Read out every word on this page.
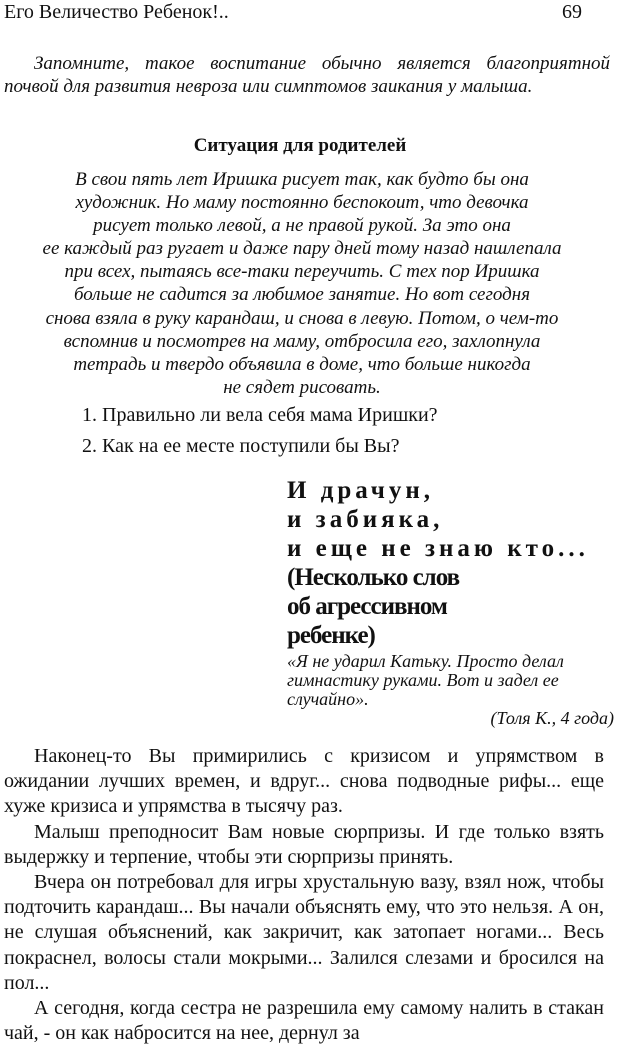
Его Величество Ребенок!..	69
Запомните, такое воспитание обычно является благоприятной почвой для развития невроза или симптомов заикания у малыша.
Ситуация для родителей
В свои пять лет Иришка рисует так, как будто бы она
художник. Но маму постоянно беспокоит, что девочка
рисует только левой, а не правой рукой. За это она
ее каждый раз ругает и даже пару дней тому назад нашлепала
при всех, пытаясь все-таки переучить. С тех пор Иришка
больше не садится за любимое занятие. Но вот сегодня
снова взяла в руку карандаш, и снова в левую. Потом, о чем-то
вспомнив и посмотрев на маму, отбросила его, захлопнула
тетрадь и твердо объявила в доме, что больше никогда
не сядет рисовать.
1. Правильно ли вела себя мама Иришки?
2. Как на ее месте поступили бы Вы?
И драчун,
и забияка,
и еще не знаю кто...
(Несколько слов
об агрессивном
ребенке)
«Я не ударил Катьку. Просто делал гимнастику руками. Вот и задел ее случайно».
(Толя К., 4 года)

Наконец-то Вы примирились с кризисом и упрямством в ожидании лучших времен, и вдруг... снова подводные рифы... еще хуже кризиса и упрямства в тысячу раз.

Малыш преподносит Вам новые сюрпризы. И где только взять выдержку и терпение, чтобы эти сюрпризы принять.

Вчера он потребовал для игры хрустальную вазу, взял нож, чтобы подточить карандаш... Вы начали объяснять ему, что это нельзя. А он, не слушая объяснений, как закричит, как затопает ногами... Весь покраснел, волосы стали мокрыми... Залился слезами и бросился на пол...

А сегодня, когда сестра не разрешила ему самому налить в стакан чай, - он как набросится на нее, дернул за
